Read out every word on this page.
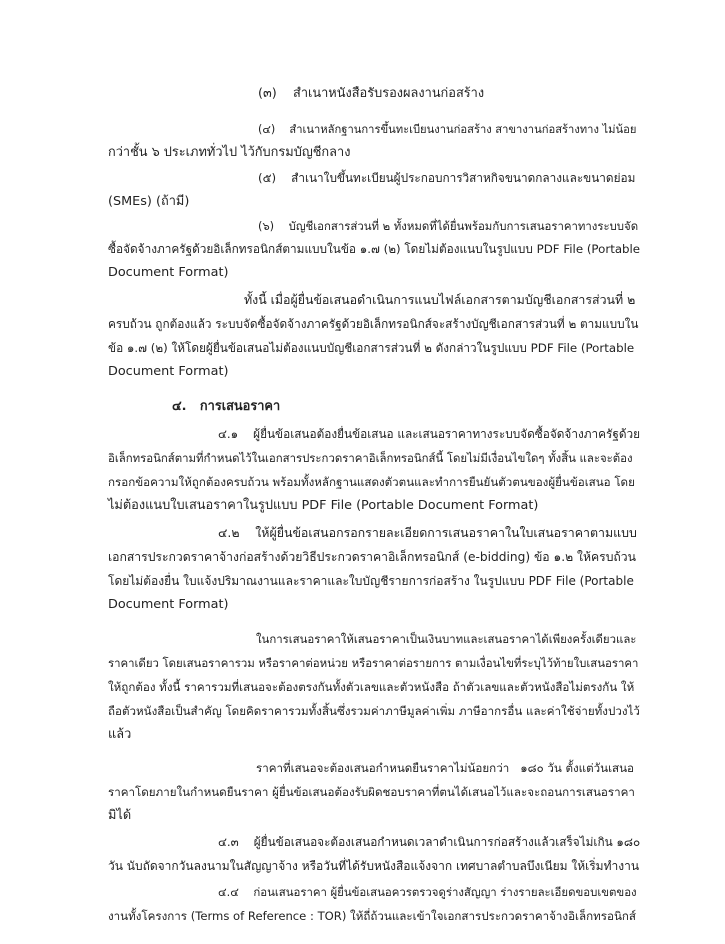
(๓)    สำเนาหนังสือรับรองผลงานก่อสร้าง
(๔)    สำเนาหลักฐานการขึ้นทะเบียนงานก่อสร้าง สาขางานก่อสร้างทาง ไม่น้อย
กว่าชั้น ๖ ประเภททั่วไป ไว้กับกรมบัญชีกลาง
(๕)    สำเนาใบขึ้นทะเบียนผู้ประกอบการวิสาหกิจขนาดกลางและขนาดย่อม
(SMEs) (ถ้ามี)
(๖)    บัญชีเอกสารส่วนที่ ๒ ทั้งหมดที่ได้ยื่นพร้อมกับการเสนอราคาทางระบบจัด
ซื้อจัดจ้างภาครัฐด้วยอิเล็กทรอนิกส์ตามแบบในข้อ ๑.๗ (๒) โดยไม่ต้องแนบในรูปแบบ PDF File (Portable
Document Format)
ทั้งนี้ เมื่อผู้ยื่นข้อเสนอดำเนินการแนบไฟล์เอกสารตามบัญชีเอกสารส่วนที่ ๒
ครบถ้วน ถูกต้องแล้ว ระบบจัดซื้อจัดจ้างภาครัฐด้วยอิเล็กทรอนิกส์จะสร้างบัญชีเอกสารส่วนที่ ๒ ตามแบบใน
ข้อ ๑.๗ (๒) ให้โดยผู้ยื่นข้อเสนอไม่ต้องแนบบัญชีเอกสารส่วนที่ ๒ ดังกล่าวในรูปแบบ PDF File (Portable
Document Format)
๔.   การเสนอราคา
๔.๑    ผู้ยื่นข้อเสนอต้องยื่นข้อเสนอ และเสนอราคาทางระบบจัดซื้อจัดจ้างภาครัฐด้วย
อิเล็กทรอนิกส์ตามที่กำหนดไว้ในเอกสารประกวดราคาอิเล็กทรอนิกส์นี้ โดยไม่มีเงื่อนไขใดๆ ทั้งสิ้น และจะต้อง
กรอกข้อความให้ถูกต้องครบถ้วน พร้อมทั้งหลักฐานแสดงตัวตนและทำการยืนยันตัวตนของผู้ยื่นข้อเสนอ โดย
ไม่ต้องแนบใบเสนอราคาในรูปแบบ PDF File (Portable Document Format)
๔.๒    ให้ผู้ยื่นข้อเสนอกรอกรายละเอียดการเสนอราคาในใบเสนอราคาตามแบบ
เอกสารประกวดราคาจ้างก่อสร้างด้วยวิธีประกวดราคาอิเล็กทรอนิกส์ (e-bidding) ข้อ ๑.๒ ให้ครบถ้วน
โดยไม่ต้องยื่น ใบแจ้งปริมาณงานและราคาและใบบัญชีรายการก่อสร้าง ในรูปแบบ PDF File (Portable
Document Format)
ในการเสนอราคาให้เสนอราคาเป็นเงินบาทและเสนอราคาได้เพียงครั้งเดียวและ
ราคาเดียว โดยเสนอราคารวม หรือราคาต่อหน่วย หรือราคาต่อรายการ ตามเงื่อนไขที่ระบุไว้ท้ายใบเสนอราคา
ให้ถูกต้อง ทั้งนี้ ราคารวมที่เสนอจะต้องตรงกันทั้งตัวเลขและตัวหนังสือ ถ้าตัวเลขและตัวหนังสือไม่ตรงกัน ให้
ถือตัวหนังสือเป็นสำคัญ โดยคิดราคารวมทั้งสิ้นซึ่งรวมค่าภาษีมูลค่าเพิ่ม ภาษีอากรอื่น และค่าใช้จ่ายทั้งปวงไว้
แล้ว
ราคาที่เสนอจะต้องเสนอกำหนดยืนราคาไม่น้อยกว่า   ๑๘๐ วัน ตั้งแต่วันเสนอ
ราคาโดยภายในกำหนดยืนราคา ผู้ยื่นข้อเสนอต้องรับผิดชอบราคาที่ตนได้เสนอไว้และจะถอนการเสนอราคา
มิได้
๔.๓    ผู้ยื่นข้อเสนอจะต้องเสนอกำหนดเวลาดำเนินการก่อสร้างแล้วเสร็จไม่เกิน ๑๘๐
วัน นับถัดจากวันลงนามในสัญญาจ้าง หรือวันที่ได้รับหนังสือแจ้งจาก เทศบาลตำบลบึงเนียม ให้เริ่มทำงาน
๔.๔    ก่อนเสนอราคา ผู้ยื่นข้อเสนอควรตรวจดูร่างสัญญา ร่างรายละเอียดขอบเขตของ
งานทั้งโครงการ (Terms of Reference : TOR) ให้ถี่ถ้วนและเข้าใจเอกสารประกวดราคาจ้างอิเล็กทรอนิกส์
